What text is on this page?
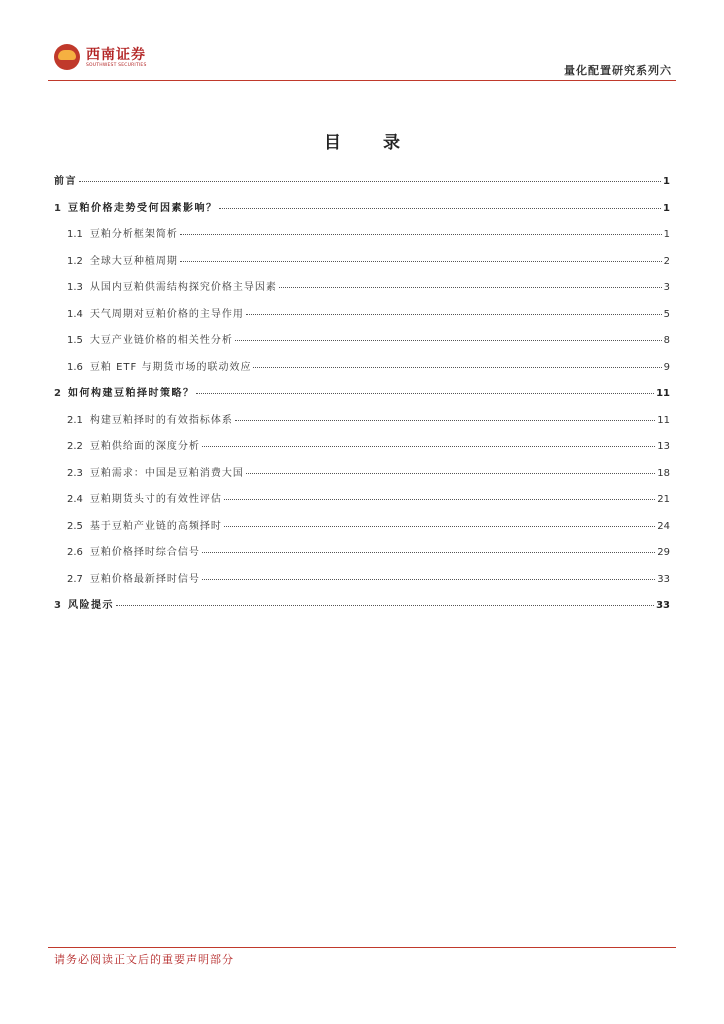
西南证券
SOUTHWEST SECURITIES	量化配置研究系列六
目 录
前言	1
1 豆粕价格走势受何因素影响？	1
1.1 豆粕分析框架简析	1
1.2 全球大豆种植周期	2
1.3 从国内豆粕供需结构探究价格主导因素	3
1.4 天气周期对豆粕价格的主导作用	5
1.5 大豆产业链价格的相关性分析	8
1.6 豆粕 ETF 与期货市场的联动效应	9
2 如何构建豆粕择时策略？	11
2.1 构建豆粕择时的有效指标体系	11
2.2 豆粕供给面的深度分析	13
2.3 豆粕需求：中国是豆粕消费大国	18
2.4 豆粕期货头寸的有效性评估	21
2.5 基于豆粕产业链的高频择时	24
2.6 豆粕价格择时综合信号	29
2.7 豆粕价格最新择时信号	33
3 风险提示	33
请务必阅读正文后的重要声明部分
